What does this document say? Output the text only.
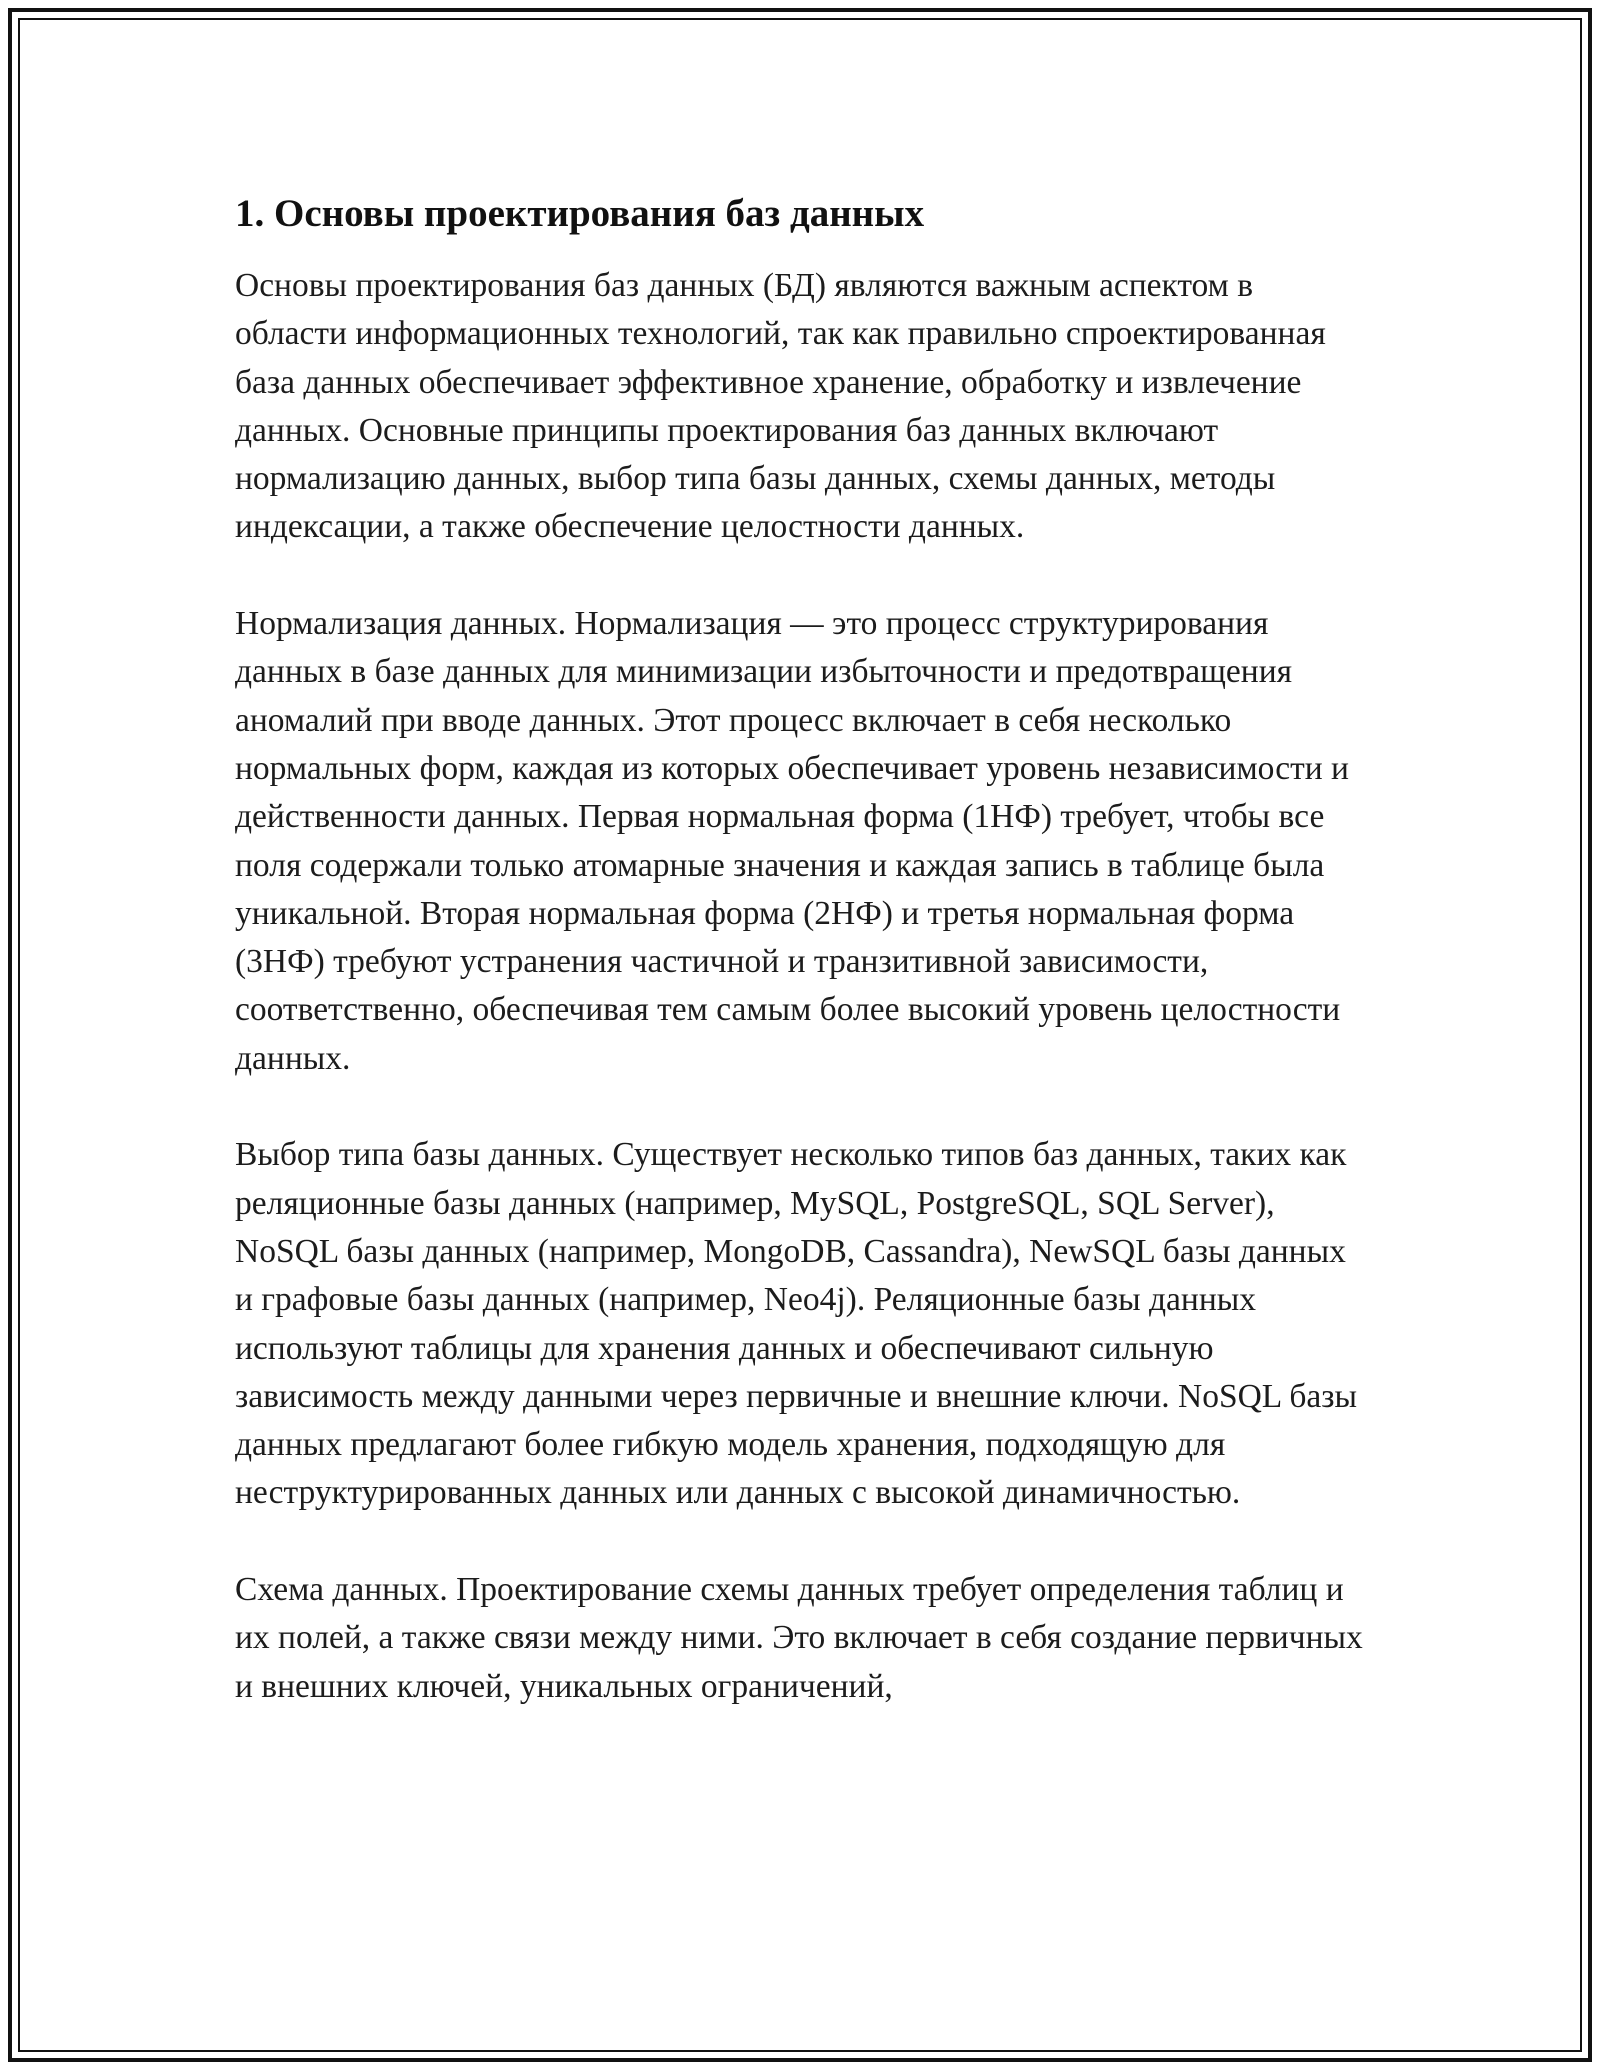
1. Основы проектирования баз данных

Основы проектирования баз данных (БД) являются важным аспектом в области информационных технологий, так как правильно спроектированная база данных обеспечивает эффективное хранение, обработку и извлечение данных. Основные принципы проектирования баз данных включают нормализацию данных, выбор типа базы данных, схемы данных, методы индексации, а также обеспечение целостности данных.

Нормализация данных. Нормализация — это процесс структурирования данных в базе данных для минимизации избыточности и предотвращения аномалий при вводе данных. Этот процесс включает в себя несколько нормальных форм, каждая из которых обеспечивает уровень независимости и действенности данных. Первая нормальная форма (1НФ) требует, чтобы все поля содержали только атомарные значения и каждая запись в таблице была уникальной. Вторая нормальная форма (2НФ) и третья нормальная форма (3НФ) требуют устранения частичной и транзитивной зависимости, соответственно, обеспечивая тем самым более высокий уровень целостности данных.

Выбор типа базы данных. Существует несколько типов баз данных, таких как реляционные базы данных (например, MySQL, PostgreSQL, SQL Server), NoSQL базы данных (например, MongoDB, Cassandra), NewSQL базы данных и графовые базы данных (например, Neo4j). Реляционные базы данных используют таблицы для хранения данных и обеспечивают сильную зависимость между данными через первичные и внешние ключи. NoSQL базы данных предлагают более гибкую модель хранения, подходящую для неструктурированных данных или данных с высокой динамичностью.

Схема данных. Проектирование схемы данных требует определения таблиц и их полей, а также связи между ними. Это включает в себя создание первичных и внешних ключей, уникальных ограничений,
